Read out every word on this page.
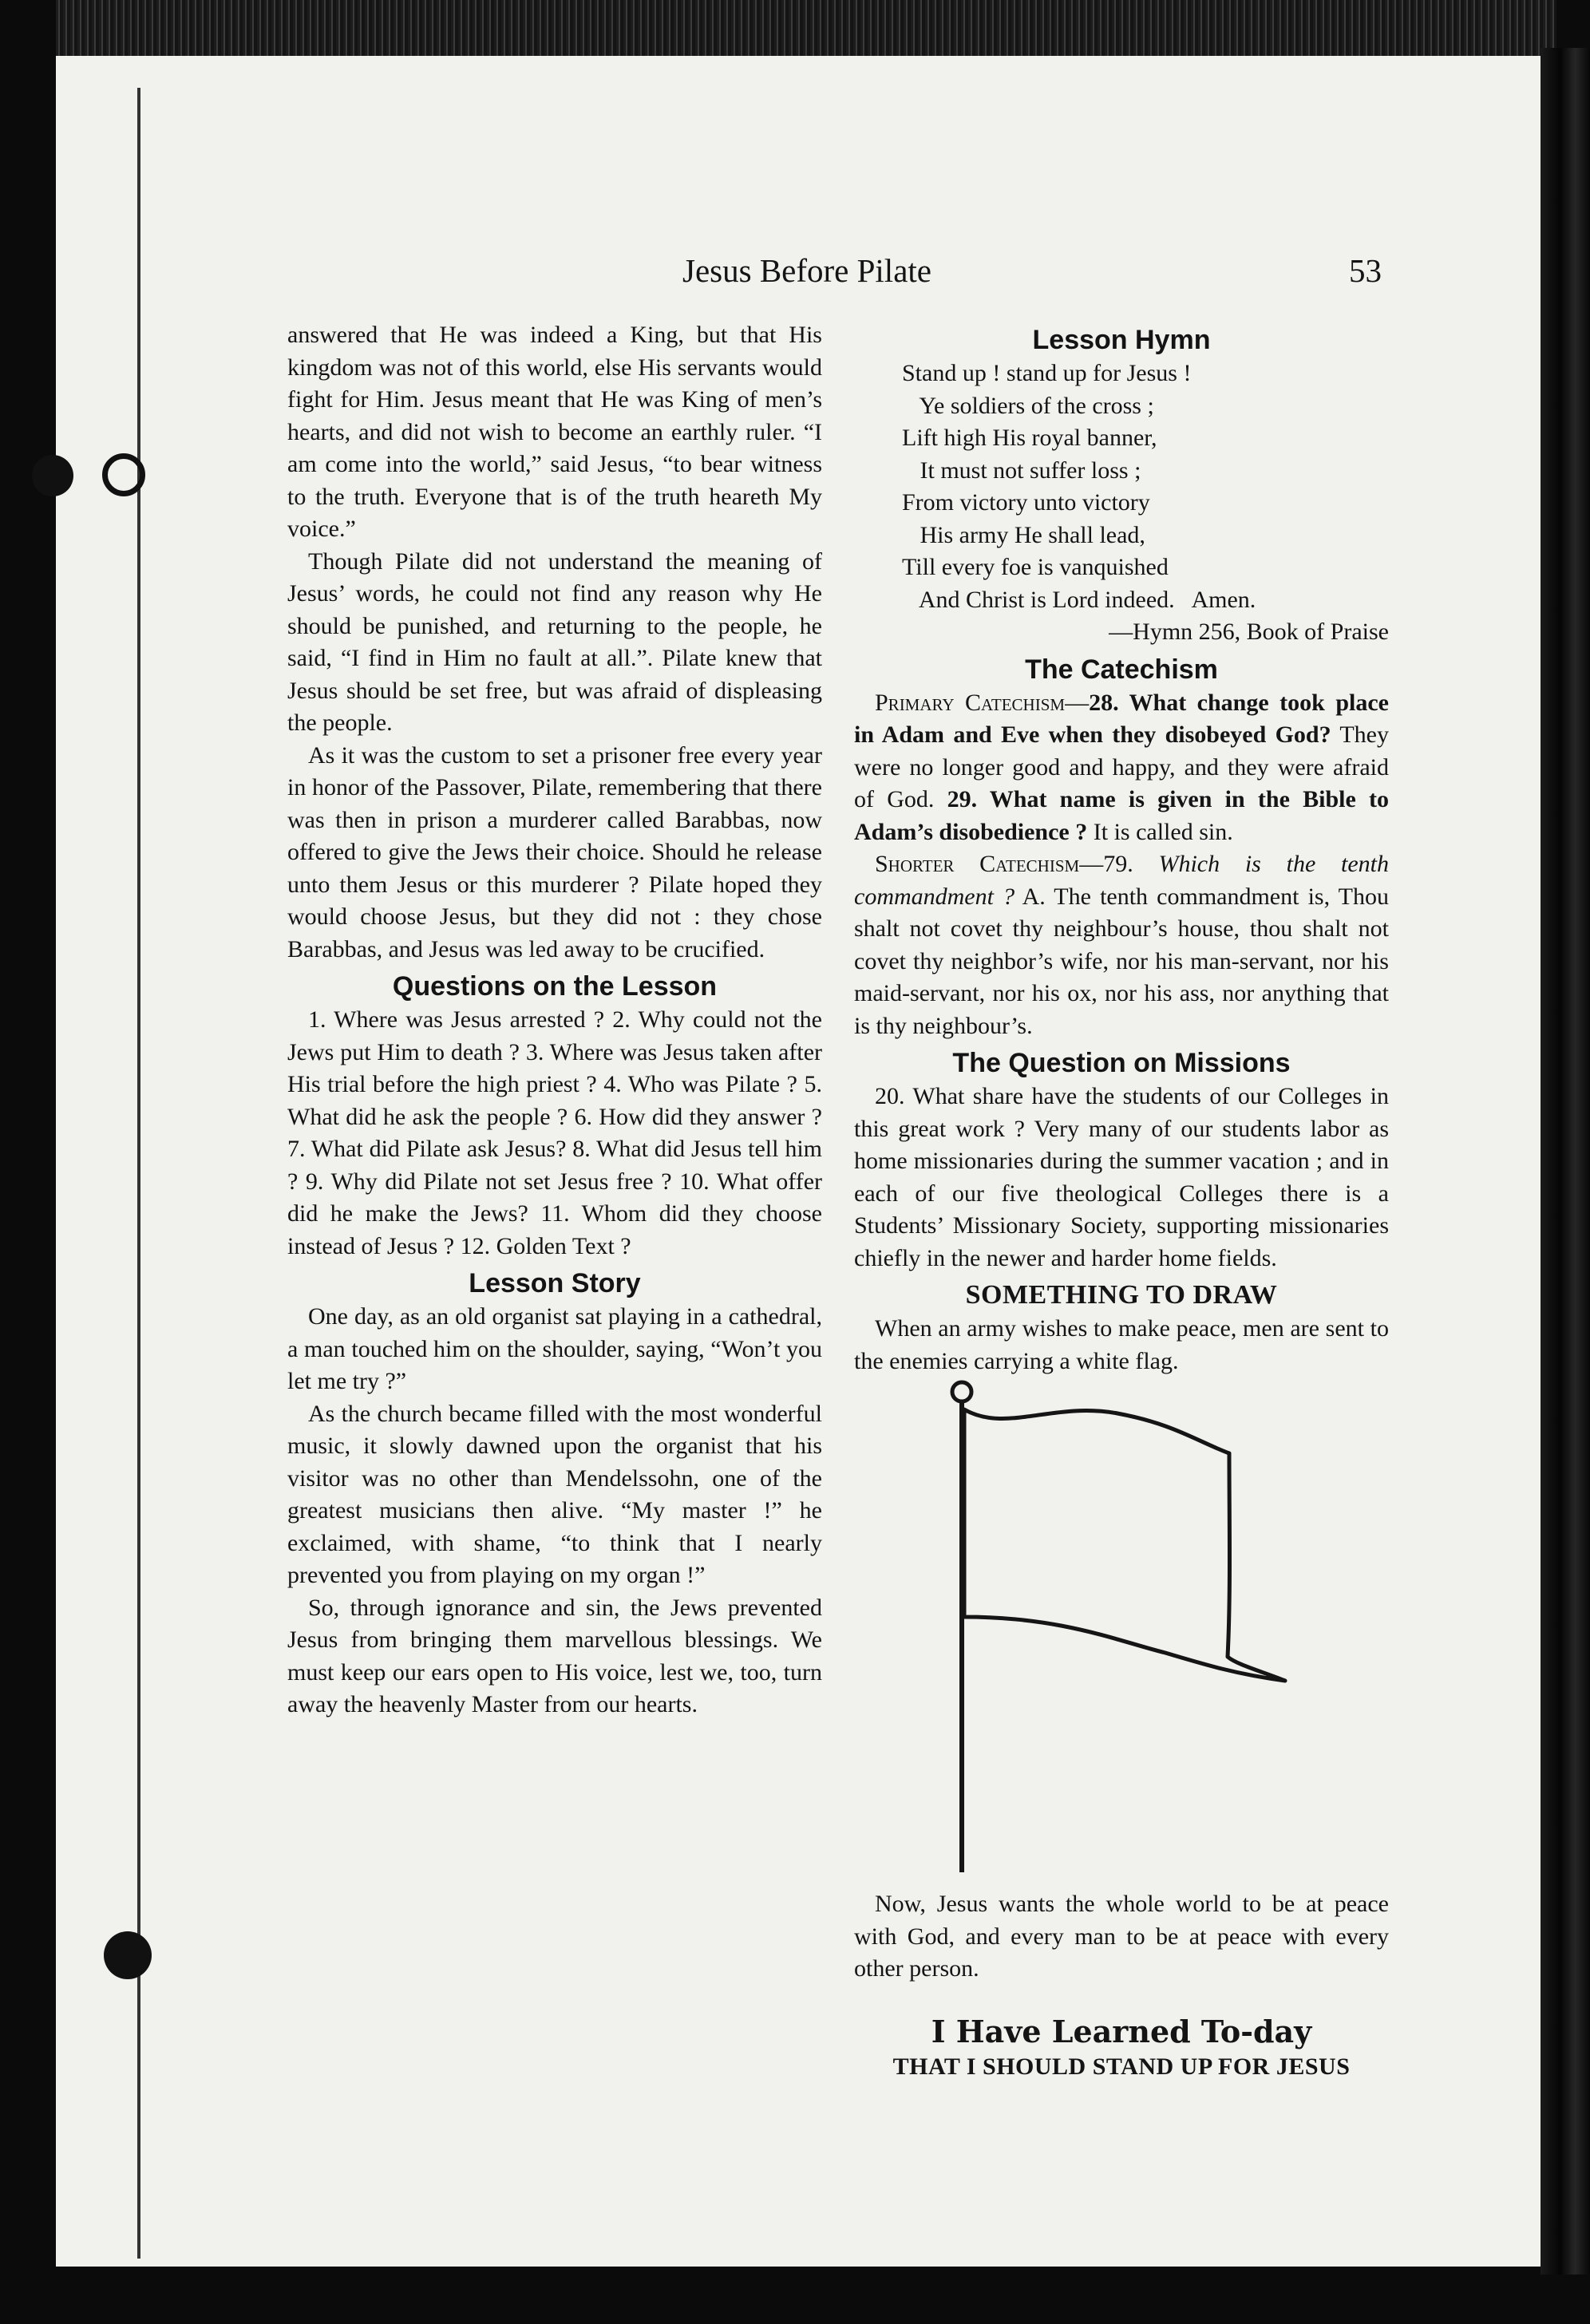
Jesus Before Pilate	53

answered that He was indeed a King, but that His kingdom was not of this world, else His servants would fight for Him. Jesus meant that He was King of men’s hearts, and did not wish to become an earthly ruler. “I am come into the world,” said Jesus, “to bear witness to the truth. Everyone that is of the truth heareth My voice.”

Though Pilate did not understand the meaning of Jesus’ words, he could not find any reason why He should be punished, and returning to the people, he said, “I find in Him no fault at all.”. Pilate knew that Jesus should be set free, but was afraid of displeasing the people.

As it was the custom to set a prisoner free every year in honor of the Passover, Pilate, remembering that there was then in prison a murderer called Barabbas, now offered to give the Jews their choice. Should he release unto them Jesus or this murderer ? Pilate hoped they would choose Jesus, but they did not : they chose Barabbas, and Jesus was led away to be crucified.

Questions on the Lesson

1. Where was Jesus arrested ? 2. Why could not the Jews put Him to death ? 3. Where was Jesus taken after His trial before the high priest ? 4. Who was Pilate ? 5. What did he ask the people ? 6. How did they answer ? 7. What did Pilate ask Jesus? 8. What did Jesus tell him ? 9. Why did Pilate not set Jesus free ? 10. What offer did he make the Jews? 11. Whom did they choose instead of Jesus ? 12. Golden Text ?

Lesson Story

One day, as an old organist sat playing in a cathedral, a man touched him on the shoulder, saying, “Won’t you let me try ?”

As the church became filled with the most wonderful music, it slowly dawned upon the organist that his visitor was no other than Mendelssohn, one of the greatest musicians then alive. “My master !” he exclaimed, with shame, “to think that I nearly prevented you from playing on my organ !”

So, through ignorance and sin, the Jews prevented Jesus from bringing them marvellous blessings. We must keep our ears open to His voice, lest we, too, turn away the heavenly Master from our hearts.

Lesson Hymn
Stand up ! stand up for Jesus !
Ye soldiers of the cross ;
Lift high His royal banner,
It must not suffer loss ;
From victory unto victory
His army He shall lead,
Till every foe is vanquished
And Christ is Lord indeed.   Amen.
—Hymn 256, Book of Praise
The Catechism

Primary Catechism—28. What change took place in Adam and Eve when they disobeyed God? They were no longer good and happy, and they were afraid of God. 29. What name is given in the Bible to Adam’s disobedience ? It is called sin.

Shorter Catechism—79. Which is the tenth commandment ? A. The tenth commandment is, Thou shalt not covet thy neighbour’s house, thou shalt not covet thy neighbor’s wife, nor his man-servant, nor his maid-servant, nor his ox, nor his ass, nor anything that is thy neighbour’s.

The Question on Missions

20. What share have the students of our Colleges in this great work ? Very many of our students labor as home missionaries during the summer vacation ; and in each of our five theological Colleges there is a Students’ Missionary Society, supporting missionaries chiefly in the newer and harder home fields.

SOMETHING TO DRAW

When an army wishes to make peace, men are sent to the enemies carrying a white flag.

Now, Jesus wants the whole world to be at peace with God, and every man to be at peace with every other person.

I Have Learned To-day

THAT I SHOULD STAND UP FOR JESUS
